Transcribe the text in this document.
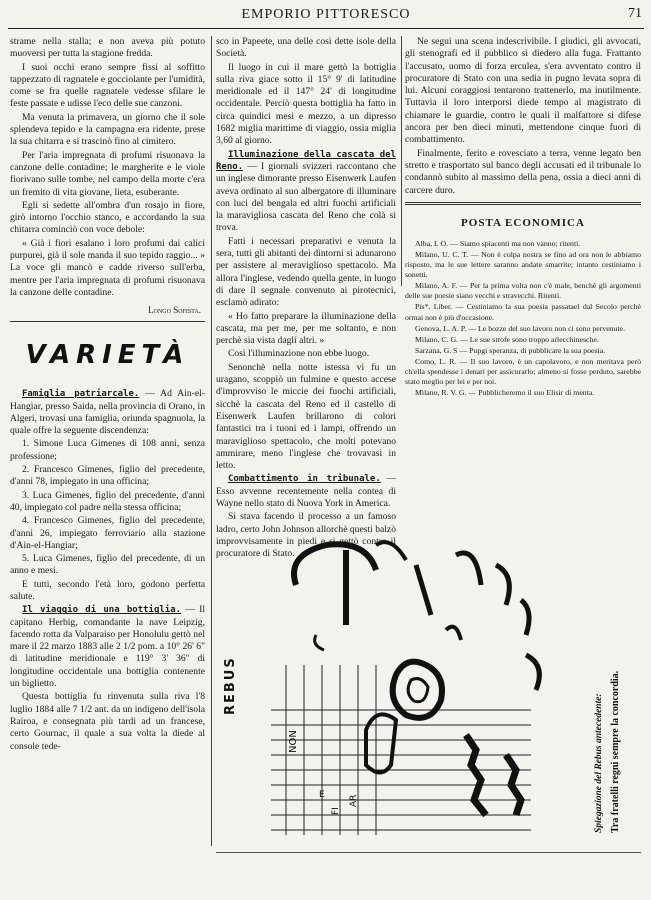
EMPORIO PITTORESCO	71

strame nella stalla; e non aveva più potuto muoversi per tutta la stagione fredda.

I suoi occhi erano sempre fissi al soffitto tappezzato di ragnatele e gocciolante per l'umidità, come se fra quelle ragnatele vedesse sfilare le feste passate e udisse l'eco delle sue canzoni.

Ma venuta la primavera, un giorno che il sole splendeva tepido e la campagna era ridente, prese la sua chitarra e si trascinò fino al cimitero.

Per l'aria impregnata di profumi risuonava la canzone delle contadine; le margherite e le viole fiorivano sulle tombe, nel campo della morte c'era un fremito di vita giovane, lieta, esuberante.

Egli si sedette all'ombra d'un rosajo in fiore, girò intorno l'occhio stanco, e accordando la sua chitarra cominciò con voce debole:

« Già i fiori esalano i loro profumi dai calici purpurei, già il sole manda il suo tepido raggio... » La voce gli mancò e cadde riverso sull'erba, mentre per l'aria impregnata di profumi risuonava la canzone delle contadine.

Longo Sofista.
VARIETÀ

Famiglia patriarcale. — Ad Ain-el-Hangiar, presso Saida, nella provincia di Orano, in Algeri, trovasi una famiglia, oriunda spagnuola, la quale offre la seguente discendenza:

1. Simone Luca Gimenes di 108 anni, senza professione;

2. Francesco Gimenes, figlio del precedente, d'anni 78, impiegato in una officina;

3. Luca Gimenes, figlio del precedente, d'anni 40, impiegato col padre nella stessa officina;

4. Francesco Gimenes, figlio del precedente, d'anni 26, impiegato ferroviario alla stazione d'Ain-el-Hangiar;

5. Luca Gimenes, figlio del precedente, di un anno e mesi.

E tutti, secondo l'età loro, godono perfetta salute.

Il viaggio di una bottiglia. — Il capitano Herbig, comandante la nave Leipzig, facendo rotta da Valparaiso per Honolulu gettò nel mare il 22 marzo 1883 alle 2 1/2 pom. a 10° 26' 6" di latitudine meridionale e 119° 3' 36" di longitudine occidentale una bottiglia contenente un biglietto.

Questa bottiglia fu rinvenuta sulla riva l'8 luglio 1884 alle 7 1/2 ant. da un indigeno dell'isola Rairoa, e consegnata più tardi ad un francese, certo Gournac, il quale a sua volta la diede al console tede-

sco in Papeete, una delle così dette isole della Società.

Il luogo in cui il mare gettò la bottiglia sulla riva giace sotto il 15° 9' di latitudine meridionale ed il 147° 24' di longitudine occidentale. Perciò questa bottiglia ha fatto in circa quindici mesi e mezzo, a un dipresso 1682 miglia marittime di viaggio, ossia miglia 3,60 al giorno.

Illuminazione della cascata del Reno. — I giornali svizzeri raccontano che un inglese dimorante presso Eisenwerk Laufen aveva ordinato al suo albergatore di illuminare con luci del bengala ed altri fuochi artificiali la maravigliosa cascata del Reno che colà si trova.

Fatti i necessari preparativi e venuta la sera, tutti gli abitanti dei dintorni si adunarono per assistere al meraviglioso spettacolo. Ma allora l'inglese, vedendo quella gente, in luogo di dare il segnale convenuto ai pirotecnici, esclamò adirato:

« Ho fatto preparare la illuminazione della cascata, ma per me, per me soltanto, e non perchè sia vista dagli altri. »

Così l'illuminazione non ebbe luogo.

Senonchè nella notte istessa vi fu un uragano, scoppiò un fulmine e questo accese d'improvviso le miccie dei fuochi artificiali, sicchè la cascata del Reno ed il castello di Eisenwerk Laufen brillarono di colori fantastici tra i tuoni ed i lampi, offrendo un maraviglioso spettacolo, che molti potevano ammirare, meno l'inglese che trovavasi in letto.

Combattimento in tribunale. — Esso avvenne recentemente nella contea di Wayne nello stato di Nuova York in America.

Si stava facendo il processo a un famoso ladro, certo John Johnson allorchè questi balzò improvvisamente in piedi e si gettò contro il procuratore di Stato.

Ne seguì una scena indescrivibile. I giudici, gli avvocati, gli stenografi ed il pubblico si diedero alla fuga. Frattanto l'accusato, uomo di forza erculea, s'era avventato contro il procuratore di Stato con una sedia in pugno levata sopra di lui. Alcuni coraggiosi tentarono trattenerlo, ma inutilmente. Tuttavia il loro interporsi diede tempo al magistrato di chiamare le guardie, contro le quali il malfattore si difese ancora per ben dieci minuti, mettendone cinque fuori di combattimento.

Finalmente, ferito e rovesciato a terra, venne legato ben stretto e trasportato sul banco degli accusati ed il tribunale lo condannò subito al massimo della pena, ossia a dieci anni di carcere duro.

POSTA ECONOMICA

Alba, I. O. — Siamo spiacenti ma non vanno; ritenti.

Milano, U. C. T. — Non è colpa nostra se fino ad ora non le abbiamo risposto, ma le sue lettere saranno andate smarrite; intanto cestiniamo i sonetti.

Milano, A. F. — Per la prima volta non c'è male, benchè gli argomenti delle sue poesie siano vecchi e stravecchi. Ritenti.

Pis*, Liber. — Cestiniamo la sua poesia passatael dal Secolo perchè ormai non è più d'occasione.

Genova, L. A. P. — Le bozze del suo lavoro non ci sono pervenute.

Milano, C. G. — Le sue strofe sono troppo arlecchinesche.

Sarzana, G. S — Pupgi speranza, di pubblicare la sua poesia.

Como, L. R. — Il suo lavoro, è un capolavoro, e non meritava però ch'ella spendesse i denari per assicurarlo; almeno si fosse perduto, sarebbe stato meglio per lei e per noi.

Milano, R. V. G. — Pubblicheremo il suo Elisir di menta.

REBUS
NON
FI
AR
E	Spiegazione del Rebus antecedente: Tra fratelli regni sempre la concordia.
